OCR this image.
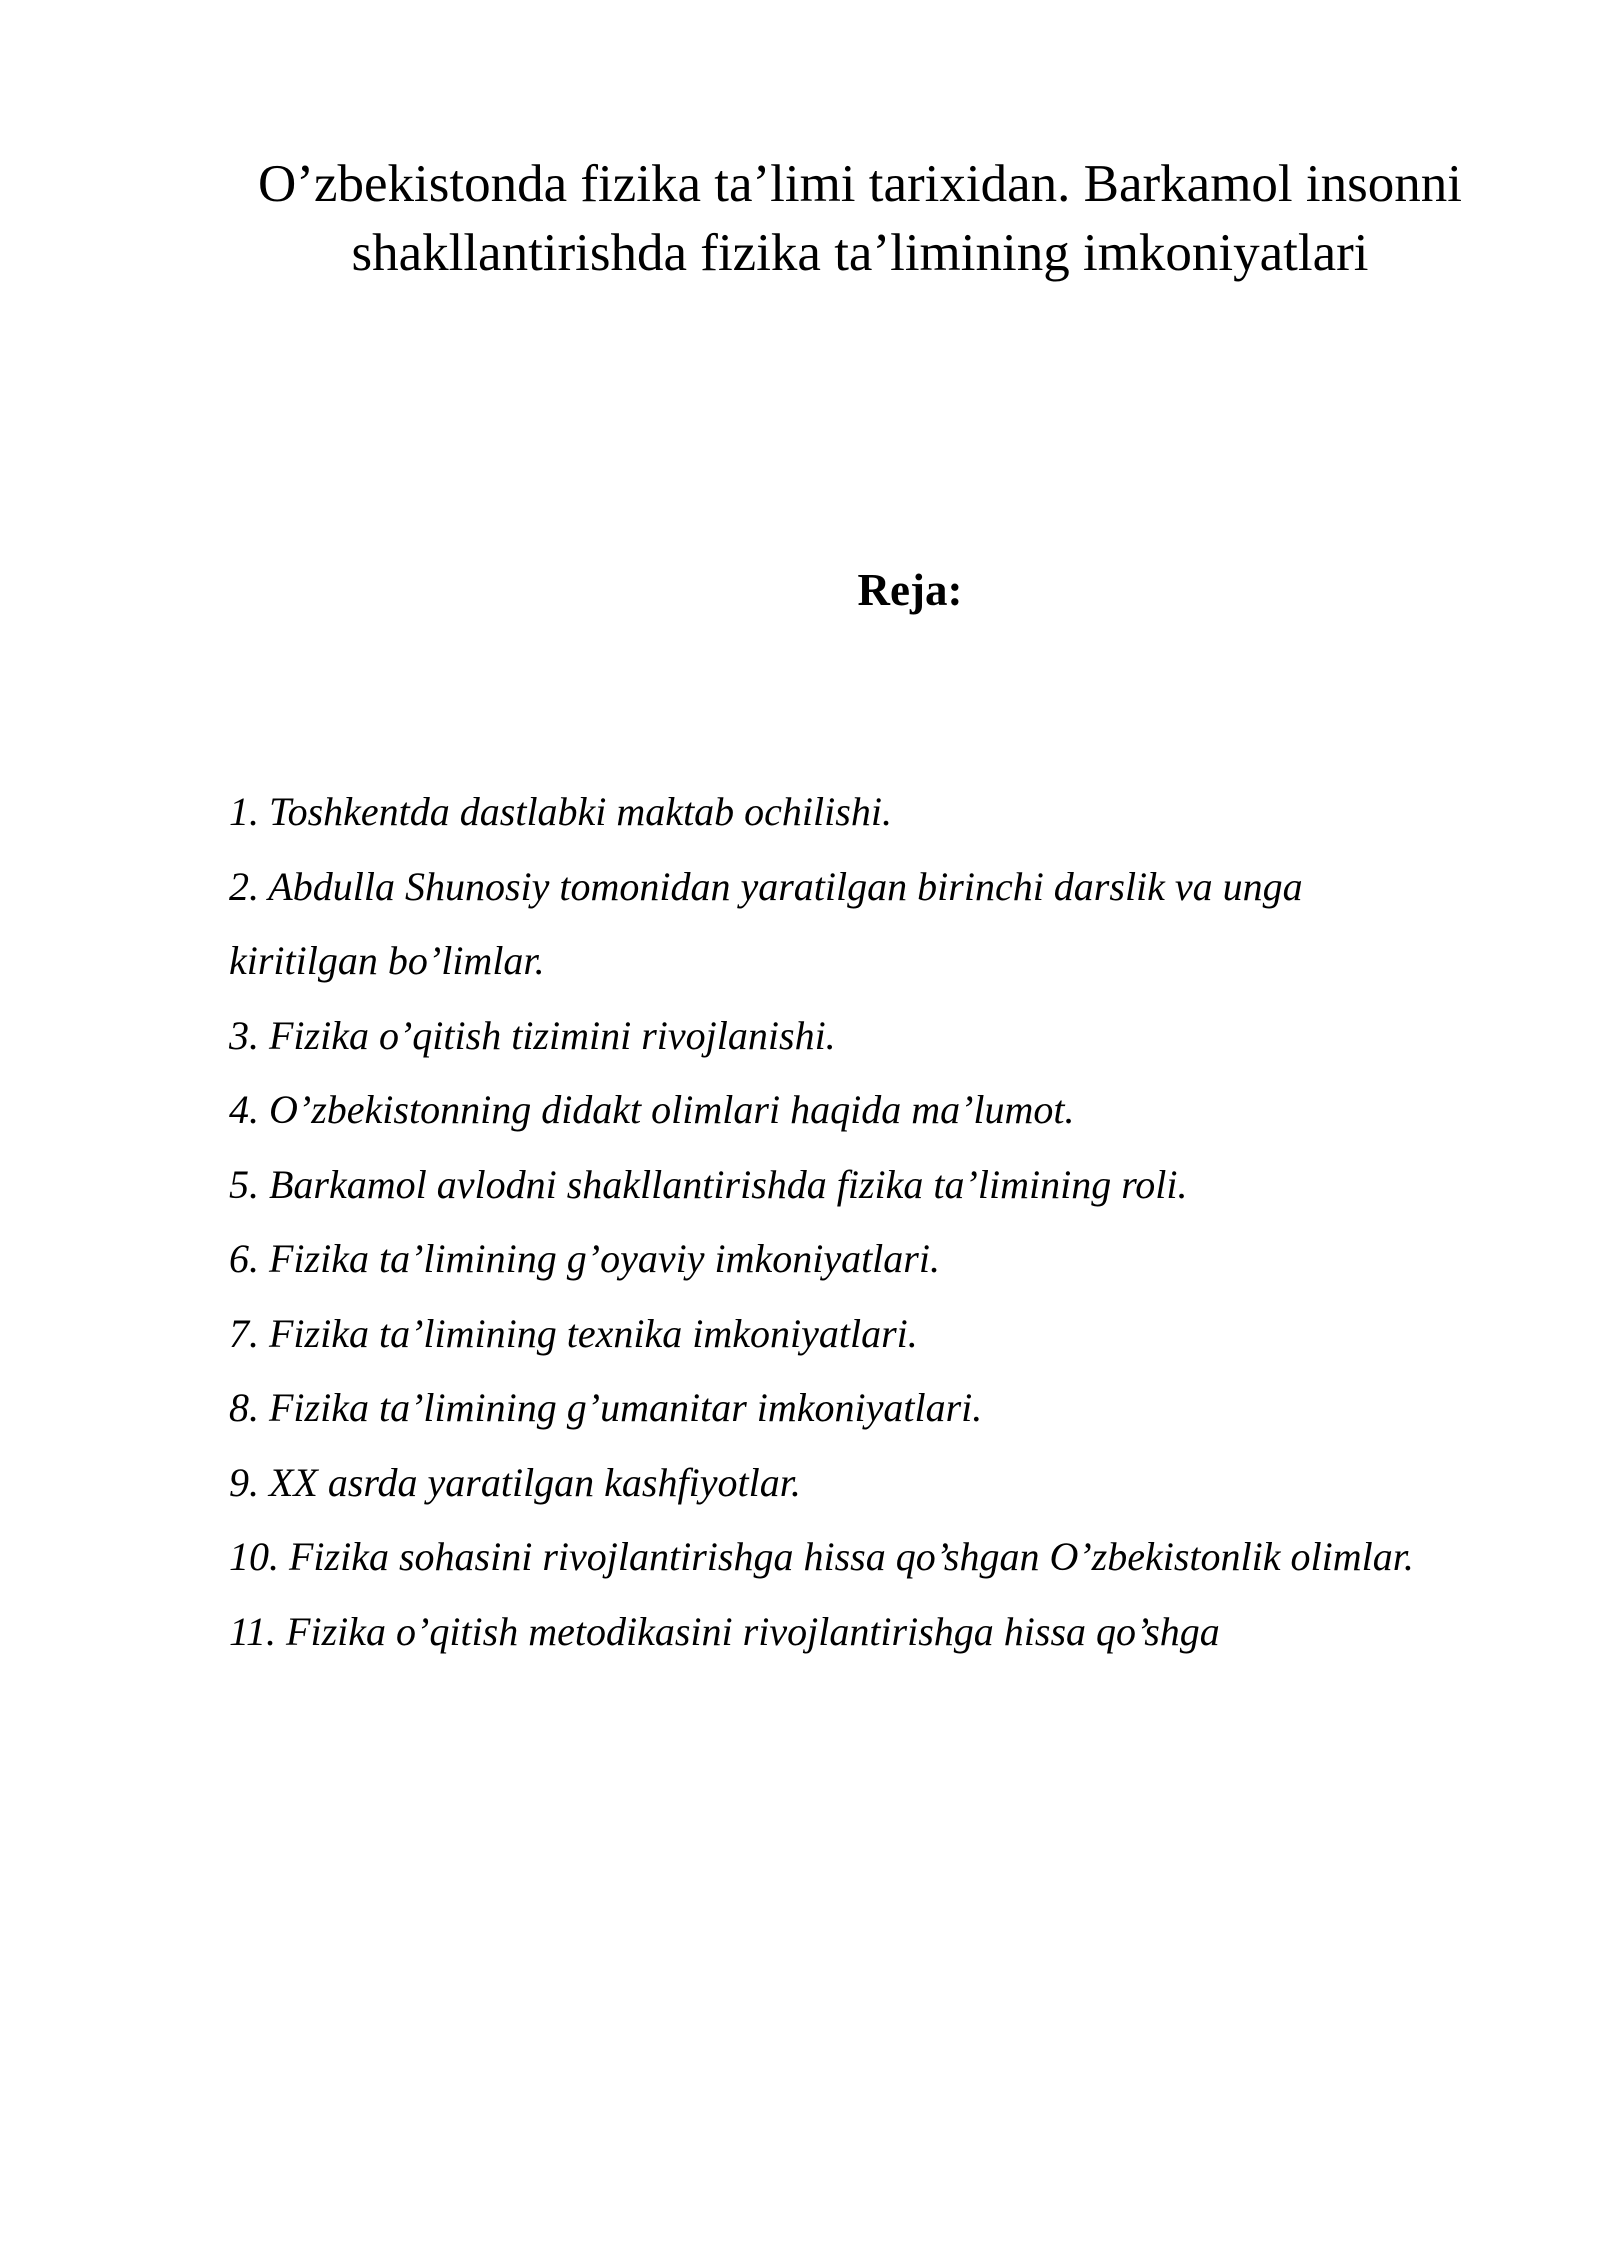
O’zbekistonda fizika ta’limi tarixidan. Barkamol insonni shakllantirishda fizika ta’limining imkoniyatlari
Reja:
1. Toshkentda dastlabki maktab ochilishi.
2. Abdulla Shunosiy tomonidan yaratilgan birinchi darslik va unga kiritilgan bo’limlar.
3. Fizika o’qitish tizimini rivojlanishi.
4. O’zbekistonning didakt olimlari haqida ma’lumot.
5. Barkamol avlodni shakllantirishda fizika ta’limining roli.
6. Fizika ta’limining g’oyaviy imkoniyatlari.
7. Fizika ta’limining texnika imkoniyatlari.
8. Fizika ta’limining g’umanitar imkoniyatlari.
9. XX asrda yaratilgan kashfiyotlar.
10. Fizika sohasini rivojlantirishga hissa qo’shgan O’zbekistonlik olimlar.
11. Fizika o’qitish metodikasini rivojlantirishga hissa qo’shga
